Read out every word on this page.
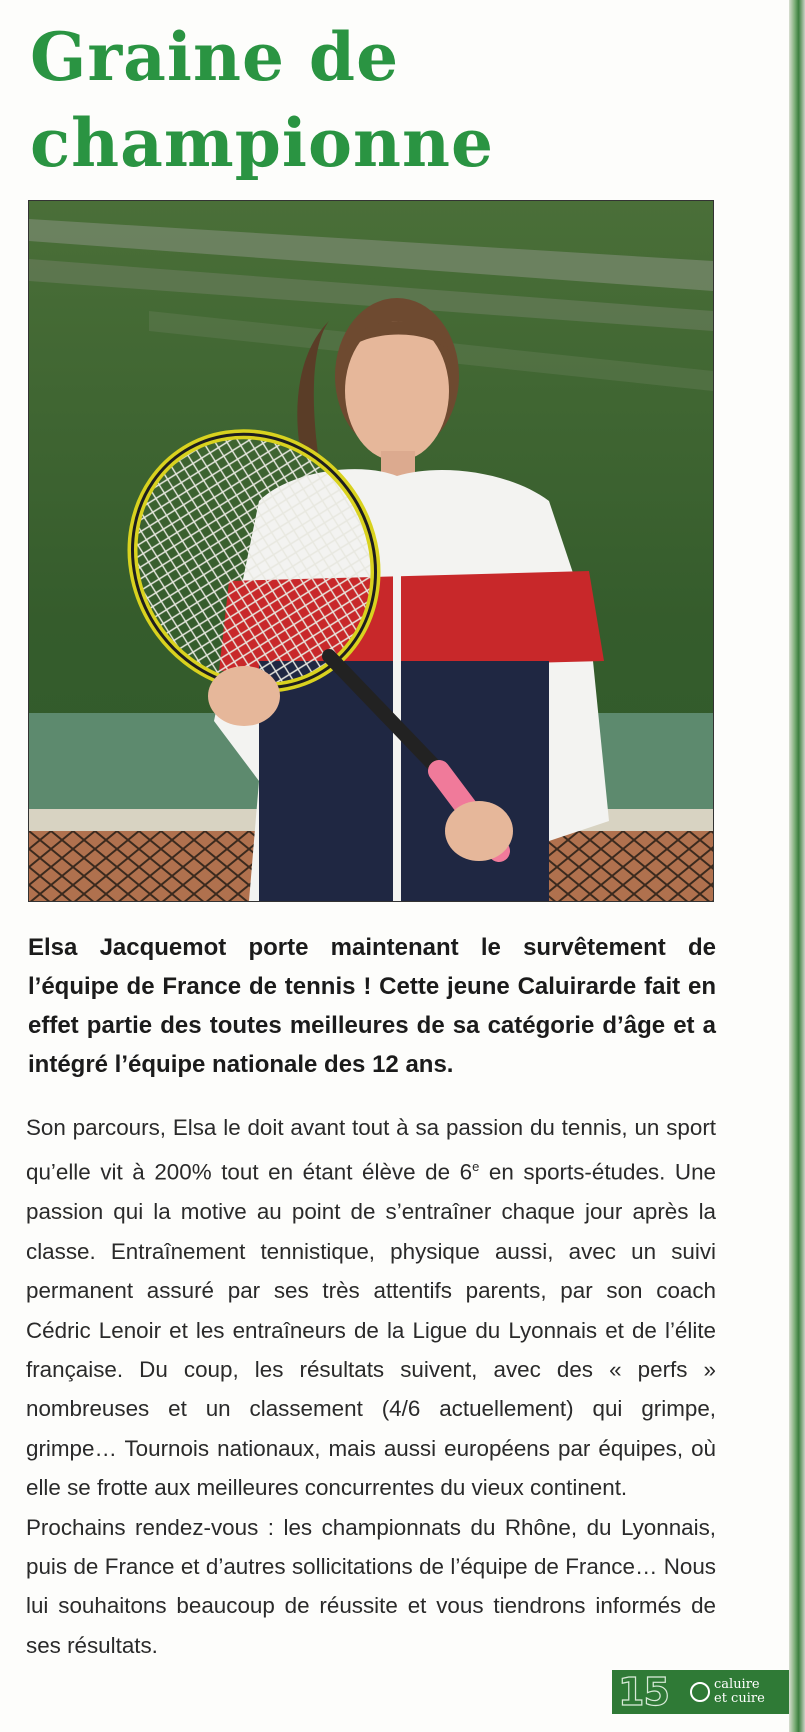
Graine de
championne

Elsa Jacquemot porte maintenant le survêtement de l’équipe de France de tennis ! Cette jeune Caluirarde fait en effet partie des toutes meilleures de sa catégorie d’âge et a intégré l’équipe nationale des 12 ans.

Son parcours, Elsa le doit avant tout à sa passion du tennis, un sport qu’elle vit à 200% tout en étant élève de 6e en sports-études. Une passion qui la motive au point de s’entraîner chaque jour après la classe. Entraînement tennistique, physique aussi, avec un suivi permanent assuré par ses très attentifs parents, par son coach Cédric Lenoir et les entraîneurs de la Ligue du Lyonnais et de l’élite française. Du coup, les résultats suivent, avec des « perfs » nombreuses et un classement (4/6 actuellement) qui grimpe, grimpe… Tournois nationaux, mais aussi européens par équipes, où elle se frotte aux meilleures concurrentes du vieux continent.

Prochains rendez-vous : les championnats du Rhône, du Lyonnais, puis de France et d’autres sollicitations de l’équipe de France… Nous lui souhaitons beaucoup de réussite et vous tiendrons informés de ses résultats.

15	caluire
et cuire
